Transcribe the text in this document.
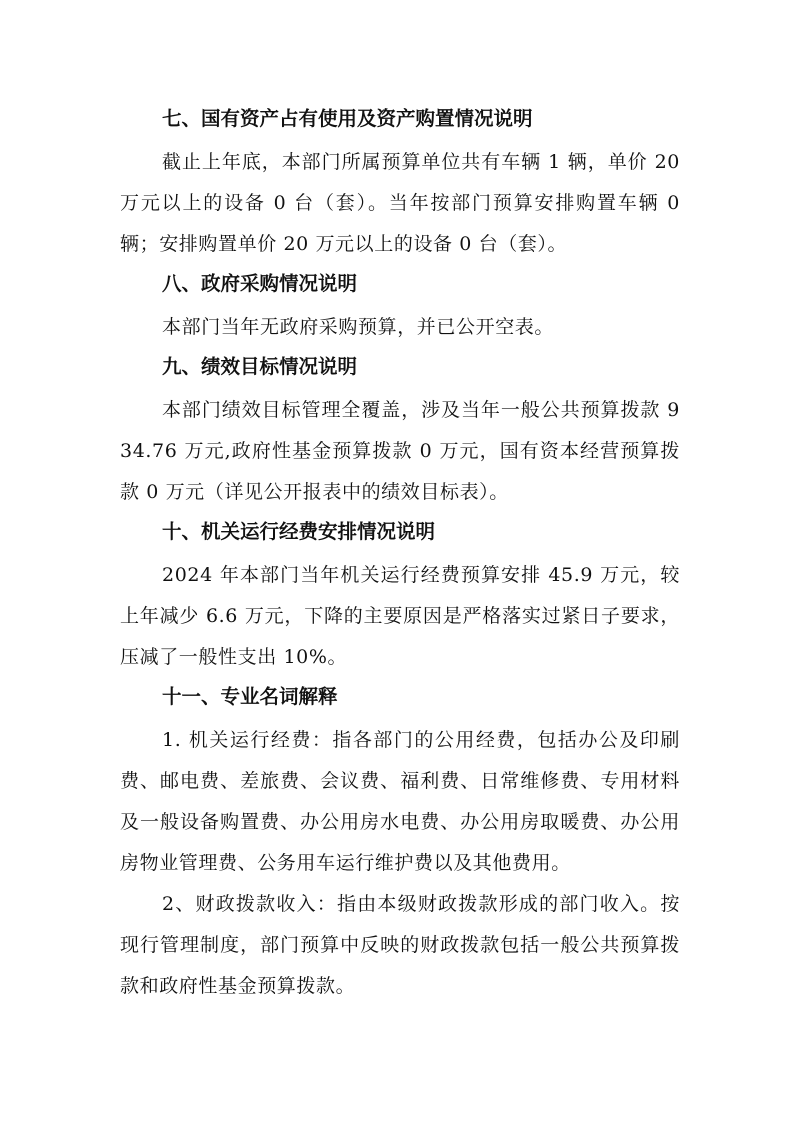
七、国有资产占有使用及资产购置情况说明

截止上年底，本部门所属预算单位共有车辆 1 辆，单价 20 万元以上的设备 0 台（套）。当年按部门预算安排购置车辆 0 辆；安排购置单价 20 万元以上的设备 0 台（套）。

八、政府采购情况说明

本部门当年无政府采购预算，并已公开空表。

九、绩效目标情况说明

本部门绩效目标管理全覆盖，涉及当年一般公共预算拨款 934.76 万元,政府性基金预算拨款 0 万元，国有资本经营预算拨款 0 万元（详见公开报表中的绩效目标表）。

十、机关运行经费安排情况说明

2024 年本部门当年机关运行经费预算安排 45.9 万元，较上年减少 6.6 万元，下降的主要原因是严格落实过紧日子要求，压减了一般性支出 10%。

十一、专业名词解释

1. 机关运行经费：指各部门的公用经费，包括办公及印刷费、邮电费、差旅费、会议费、福利费、日常维修费、专用材料及一般设备购置费、办公用房水电费、办公用房取暖费、办公用房物业管理费、公务用车运行维护费以及其他费用。

2、财政拨款收入：指由本级财政拨款形成的部门收入。按现行管理制度，部门预算中反映的财政拨款包括一般公共预算拨 款和政府性基金预算拨款。
